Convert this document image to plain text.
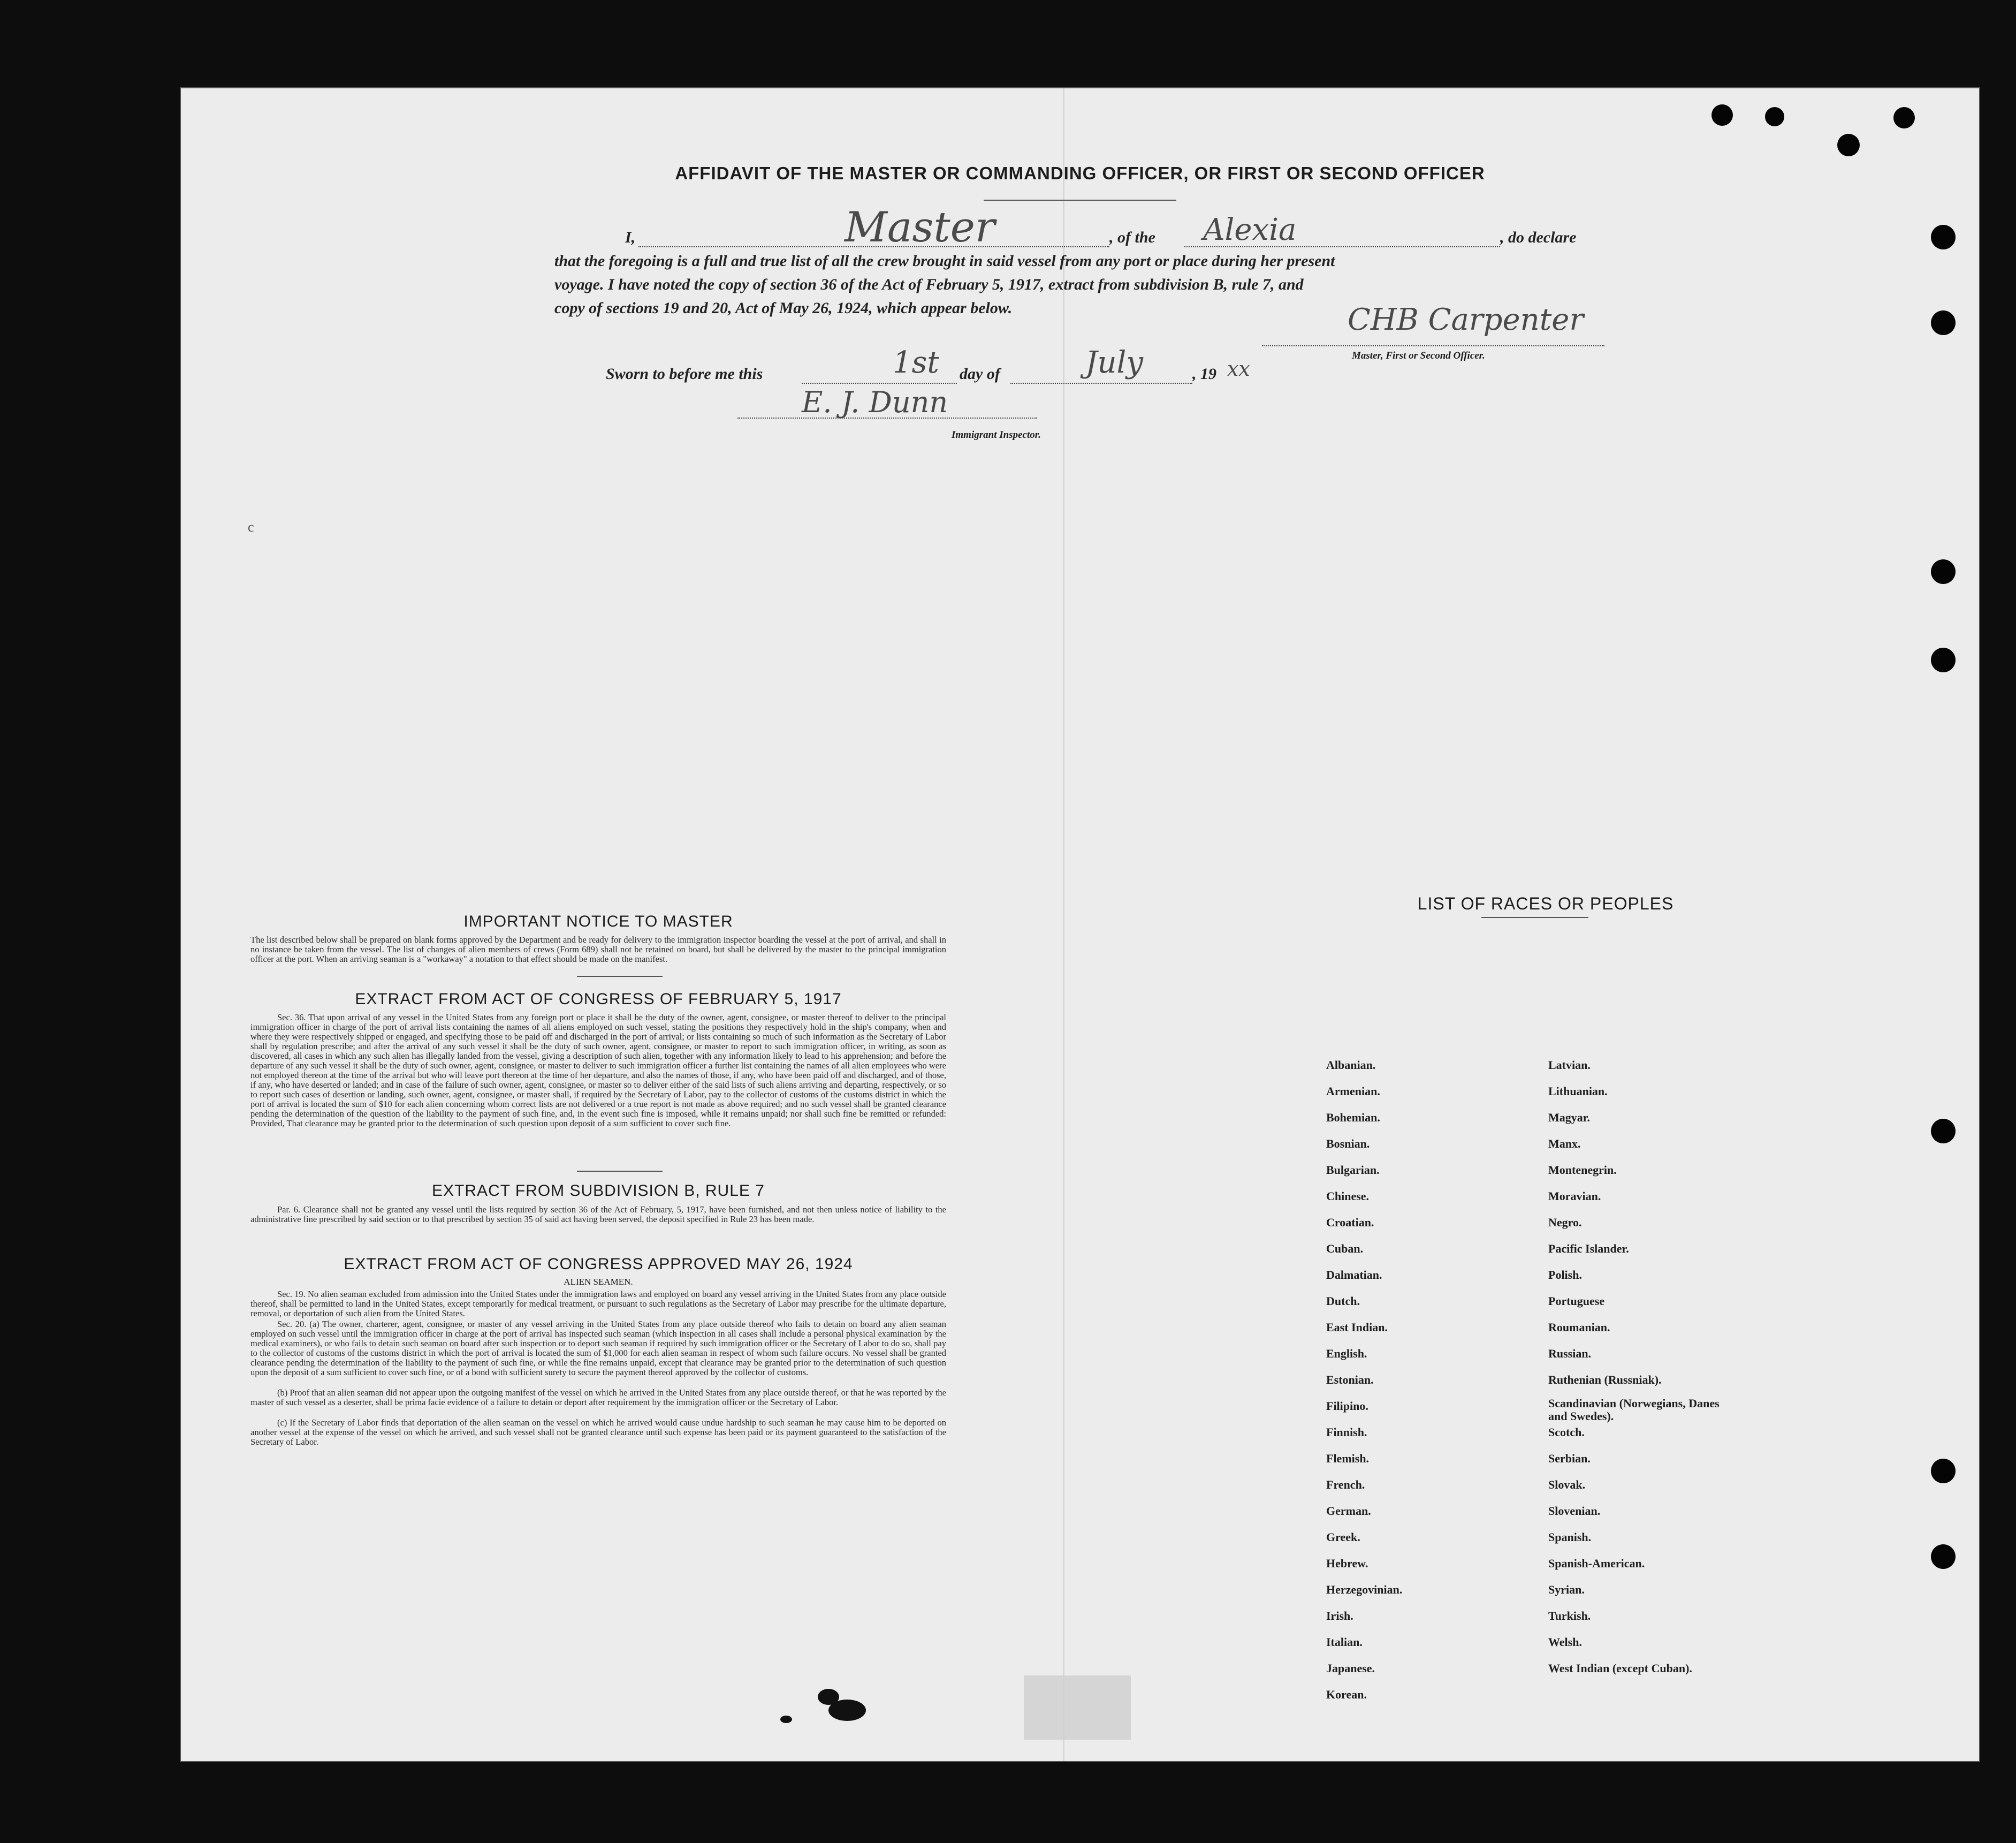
AFFIDAVIT OF THE MASTER OR COMMANDING OFFICER, OR FIRST OR SECOND OFFICER
I,	Master	, of the Alexia	, do declare
that the foregoing is a full and true list of all the crew brought in said vessel from any port or place during her present
voyage. I have noted the copy of section 36 of the Act of February 5, 1917, extract from subdivision B, rule 7, and
copy of sections 19 and 20, Act of May 26, 1924, which appear below.	CHB Carpenter
Master, First or Second Officer.
Sworn to before me this	1st day of	July	, 19 xx
E. J. Dunn
Immigrant Inspector.
c
IMPORTANT NOTICE TO MASTER
The list described below shall be prepared on blank forms approved by the Department and be ready for delivery to the immigration inspector boarding the vessel at the port of arrival, and shall in no instance be taken from the vessel. The list of changes of alien members of crews (Form 689) shall not be retained on board, but shall be delivered by the master to the principal immigration officer at the port. When an arriving seaman is a "workaway" a notation to that effect should be made on the manifest.
EXTRACT FROM ACT OF CONGRESS OF FEBRUARY 5, 1917
Sec. 36. That upon arrival of any vessel in the United States from any foreign port or place it shall be the duty of the owner, agent, consignee, or master thereof to deliver to the principal immigration officer in charge of the port of arrival lists containing the names of all aliens employed on such vessel, stating the positions they respectively hold in the ship's company, when and where they were respectively shipped or engaged, and specifying those to be paid off and discharged in the port of arrival; or lists containing so much of such information as the Secretary of Labor shall by regulation prescribe; and after the arrival of any such vessel it shall be the duty of such owner, agent, consignee, or master to report to such immigration officer, in writing, as soon as discovered, all cases in which any such alien has illegally landed from the vessel, giving a description of such alien, together with any information likely to lead to his apprehension; and before the departure of any such vessel it shall be the duty of such owner, agent, consignee, or master to deliver to such immigration officer a further list containing the names of all alien employees who were not employed thereon at the time of the arrival but who will leave port thereon at the time of her departure, and also the names of those, if any, who have been paid off and discharged, and of those, if any, who have deserted or landed; and in case of the failure of such owner, agent, consignee, or master so to deliver either of the said lists of such aliens arriving and departing, respectively, or so to report such cases of desertion or landing, such owner, agent, consignee, or master shall, if required by the Secretary of Labor, pay to the collector of customs of the customs district in which the port of arrival is located the sum of $10 for each alien concerning whom correct lists are not delivered or a true report is not made as above required; and no such vessel shall be granted clearance pending the determination of the question of the liability to the payment of such fine, and, in the event such fine is imposed, while it remains unpaid; nor shall such fine be remitted or refunded: Provided, That clearance may be granted prior to the determination of such question upon deposit of a sum sufficient to cover such fine.
EXTRACT FROM SUBDIVISION B, RULE 7
Par. 6. Clearance shall not be granted any vessel until the lists required by section 36 of the Act of February, 5, 1917, have been furnished, and not then unless notice of liability to the administrative fine prescribed by said section or to that prescribed by section 35 of said act having been served, the deposit specified in Rule 23 has been made.
EXTRACT FROM ACT OF CONGRESS APPROVED MAY 26, 1924
ALIEN SEAMEN.
Sec. 19. No alien seaman excluded from admission into the United States under the immigration laws and employed on board any vessel arriving in the United States from any place outside thereof, shall be permitted to land in the United States, except temporarily for medical treatment, or pursuant to such regulations as the Secretary of Labor may prescribe for the ultimate departure, removal, or deportation of such alien from the United States.
Sec. 20. (a) The owner, charterer, agent, consignee, or master of any vessel arriving in the United States from any place outside thereof who fails to detain on board any alien seaman employed on such vessel until the immigration officer in charge at the port of arrival has inspected such seaman (which inspection in all cases shall include a personal physical examination by the medical examiners), or who fails to detain such seaman on board after such inspection or to deport such seaman if required by such immigration officer or the Secretary of Labor to do so, shall pay to the collector of customs of the customs district in which the port of arrival is located the sum of $1,000 for each alien seaman in respect of whom such failure occurs. No vessel shall be granted clearance pending the determination of the liability to the payment of such fine, or while the fine remains unpaid, except that clearance may be granted prior to the determination of such question upon the deposit of a sum sufficient to cover such fine, or of a bond with sufficient surety to secure the payment thereof approved by the collector of customs.
(b) Proof that an alien seaman did not appear upon the outgoing manifest of the vessel on which he arrived in the United States from any place outside thereof, or that he was reported by the master of such vessel as a deserter, shall be prima facie evidence of a failure to detain or deport after requirement by the immigration officer or the Secretary of Labor.
(c) If the Secretary of Labor finds that deportation of the alien seaman on the vessel on which he arrived would cause undue hardship to such seaman he may cause him to be deported on another vessel at the expense of the vessel on which he arrived, and such vessel shall not be granted clearance until such expense has been paid or its payment guaranteed to the satisfaction of the Secretary of Labor.
LIST OF RACES OR PEOPLES
Albanian.
Armenian.
Bohemian.
Bosnian.
Bulgarian.
Chinese.
Croatian.
Cuban.
Dalmatian.
Dutch.
East Indian.
English.
Estonian.
Filipino.
Finnish.
Flemish.
French.
German.
Greek.
Hebrew.
Herzegovinian.
Irish.
Italian.
Japanese.
Korean.
Latvian.
Lithuanian.
Magyar.
Manx.
Montenegrin.
Moravian.
Negro.
Pacific Islander.
Polish.
Portuguese
Roumanian.
Russian.
Ruthenian (Russniak).
Scandinavian (Norwegians, Danes and Swedes).
Scotch.
Serbian.
Slovak.
Slovenian.
Spanish.
Spanish-American.
Syrian.
Turkish.
Welsh.
West Indian (except Cuban).
